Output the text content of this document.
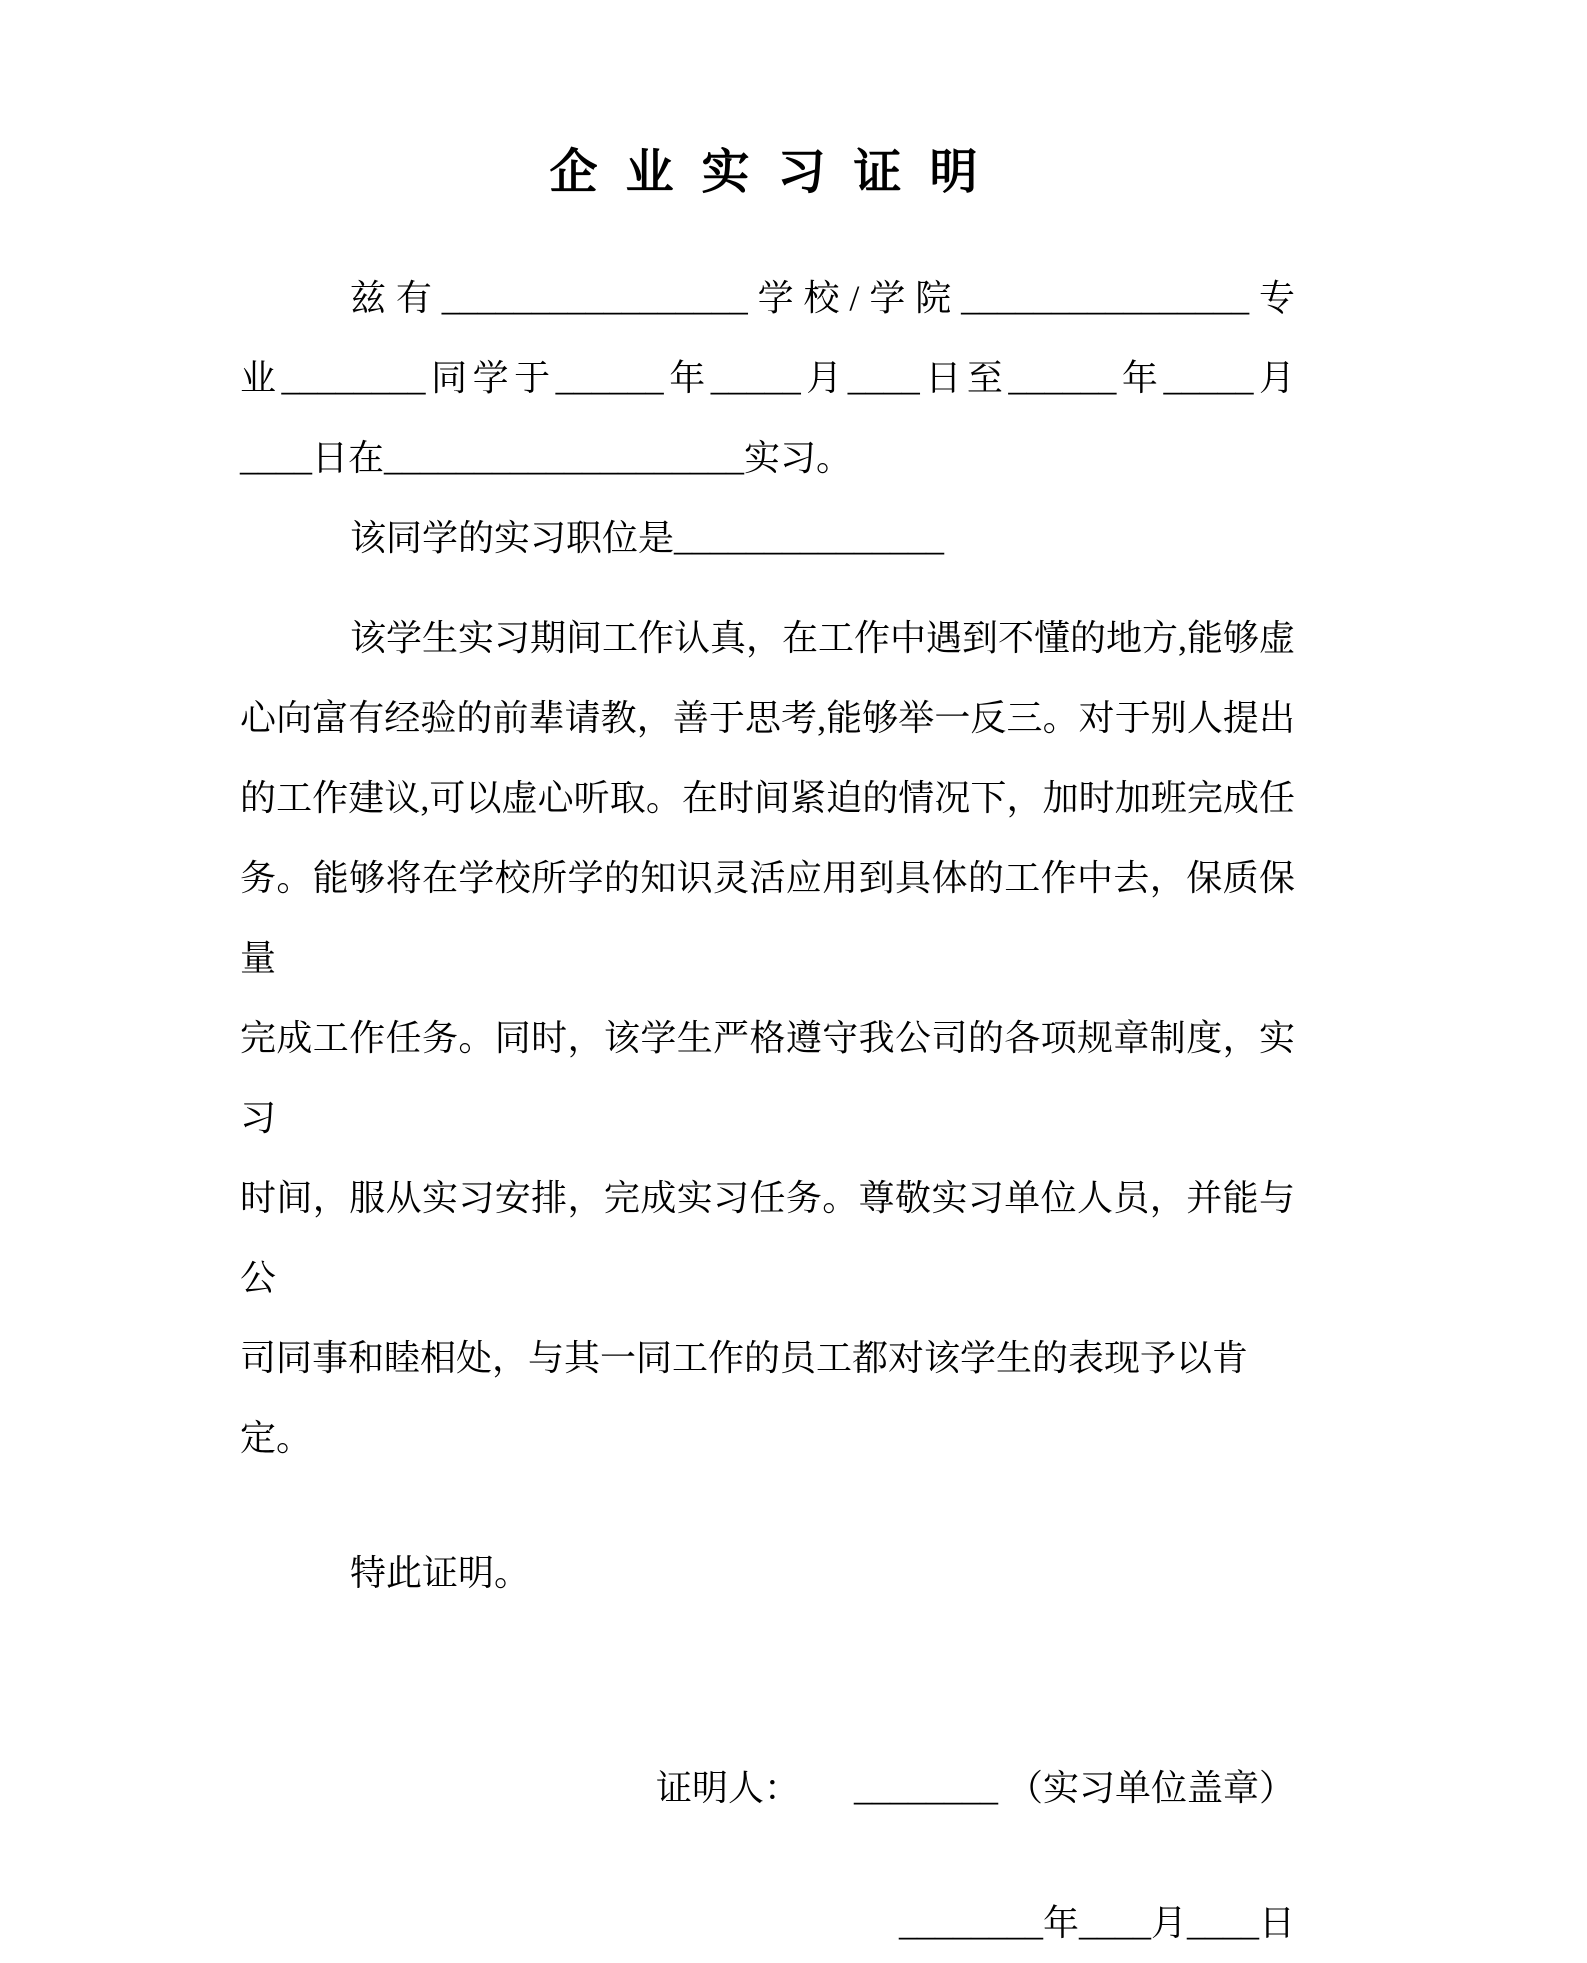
企 业 实 习 证 明
兹有_________________学校/学院________________专
业________同学于______年_____月____日至______年_____月
____日在____________________实习。
该同学的实习职位是_______________
该学生实习期间工作认真，在工作中遇到不懂的地方,能够虚
心向富有经验的前辈请教，善于思考,能够举一反三。对于别人提出
的工作建议,可以虚心听取。在时间紧迫的情况下，加时加班完成任
务。能够将在学校所学的知识灵活应用到具体的工作中去，保质保量
完成工作任务。同时，该学生严格遵守我公司的各项规章制度，实习
时间，服从实习安排，完成实习任务。尊敬实习单位人员，并能与公
司同事和睦相处，与其一同工作的员工都对该学生的表现予以肯定。
特此证明。
证明人： ________ （实习单位盖章）
________年____月____日
